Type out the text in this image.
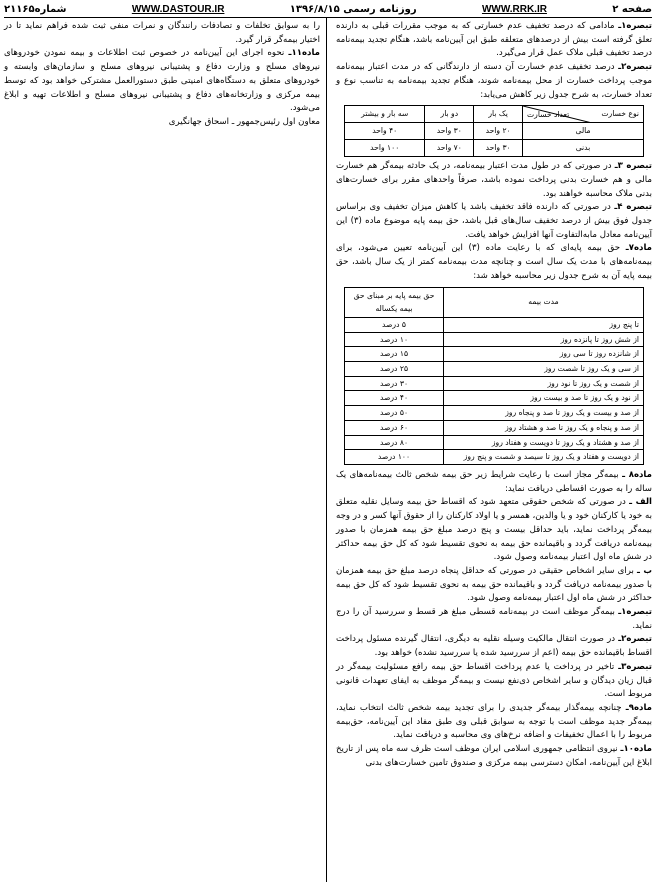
صفحه ۲
WWW.RRK.IR
روزنامه رسمی ۱۳۹۶/۸/۱۵
WWW.DASTOUR.IR
شماره۲۱۱۶۵

تبصره۱ـ مادامی که درصد تخفیف عدم خسارتی که به موجب مقررات قبلی به دارنده تعلق گرفته است بیش از درصدهای متعلقه طبق این آیین‌نامه باشد، هنگام تجدید بیمه‌نامه درصد تخفیف قبلی ملاک عمل قرار می‌گیرد.

تبصره۲ـ درصد تخفیف عدم خسارت آن دسته از دارندگانی که در مدت اعتبار بیمه‌نامه موجب پرداخت خسارت از محل بیمه‌نامه شوند، هنگام تجدید بیمه‌نامه به تناسب نوع و تعداد خسارت، به شرح جدول زیر کاهش می‌یابد:

تعداد خسارت نوع خسارت	یک بار	دو بار	سه بار و بیشتر
مالی	۲۰ واحد	۳۰ واحد	۴۰ واحد
بدنی	۳۰ واحد	۷۰ واحد	۱۰۰ واحد

تبصره ۳ـ در صورتی که در طول مدت اعتبار بیمه‌نامه، در یک حادثه بیمه‌گر هم خسارت مالی و هم خسارت بدنی پرداخت نموده باشد، صرفاً واحدهای مقرر برای خسارت‌های بدنی ملاک محاسبه خواهند بود.

تبصره ۴ـ در صورتی که دارنده فاقد تخفیف باشد یا کاهش میزان تخفیف وی براساس جدول فوق بیش از درصد تخفیف سال‌های قبل باشد، حق بیمه پایه موضوع ماده (۳) این آیین‌نامه معادل مابه‌التفاوت آنها افزایش خواهد یافت.

ماده۷ـ حق بیمه پایه‌ای که با رعایت ماده (۳) این آیین‌نامه تعیین می‌شود، برای بیمه‌نامه‌های با مدت یک سال است و چنانچه مدت بیمه‌نامه کمتر از یک سال باشد، حق بیمه پایه آن به شرح جدول زیر محاسبه خواهد شد:

مدت بیمه	حق بیمه پایه بر مبنای حق بیمه یکساله
تا پنج روز	۵ درصد
از شش روز تا پانزده روز	۱۰ درصد
از شانزده روز تا سی روز	۱۵ درصد
از سی و یک روز تا شصت روز	۲۵ درصد
از شصت و یک روز تا نود روز	۳۰ درصد
از نود و یک روز تا صد و بیست روز	۴۰ درصد
از صد و بیست و یک روز تا صد و پنجاه روز	۵۰ درصد
از صد و پنجاه و یک روز تا صد و هشتاد روز	۶۰ درصد
از صد و هشتاد و یک روز تا دویست و هفتاد روز	۸۰ درصد
از دویست و هفتاد و یک روز تا سیصد و شصت و پنج روز	۱۰۰ درصد

ماده۸ ـ بیمه‌گر مجاز است با رعایت شرایط زیر حق بیمه شخص ثالث بیمه‌نامه‌های یک ساله را به صورت اقساطی دریافت نماید:

الف ـ در صورتی که شخص حقوقی متعهد شود که اقساط حق بیمه وسایل نقلیه متعلق به خود یا کارکنان خود و یا والدین، همسر و یا اولاد کارکنان را از حقوق آنها کسر و در وجه بیمه‌گر پرداخت نماید، باید حداقل بیست و پنج درصد مبلغ حق بیمه همزمان با صدور بیمه‌نامه دریافت گردد و باقیمانده حق بیمه به نحوی تقسیط شود که کل حق بیمه حداکثر در شش ماه اول اعتبار بیمه‌نامه وصول شود.

ب ـ برای سایر اشخاص حقیقی در صورتی که حداقل پنجاه درصد مبلغ حق بیمه همزمان با صدور بیمه‌نامه دریافت گردد و باقیمانده حق بیمه به نحوی تقسیط شود که کل حق بیمه حداکثر در شش ماه اول اعتبار بیمه‌نامه وصول شود.

تبصره۱ـ بیمه‌گر موظف است در بیمه‌نامه قسطی مبلغ هر قسط و سررسید آن را درج نماید.

تبصره۲ـ در صورت انتقال مالکیت وسیله نقلیه به دیگری، انتقال گیرنده مسئول پرداخت اقساط باقیمانده حق بیمه (اعم از سررسید شده یا سررسید نشده) خواهد بود.

تبصره۳ـ تاخیر در پرداخت یا عدم پرداخت اقساط حق بیمه رافع مسئولیت بیمه‌گر در قبال زیان دیدگان و سایر اشخاص ذی‌نفع نیست و بیمه‌گر موظف به ایفای تعهدات قانونی مربوط است.

ماده۹ـ چنانچه بیمه‌گذار بیمه‌گر جدیدی را برای تجدید بیمه شخص ثالث انتخاب نماید، بیمه‌گر جدید موظف است با توجه به سوابق قبلی وی طبق مفاد این آیین‌نامه، حق‌بیمه مربوط را با اعمال تخفیفات و اضافه نرخ‌های وی محاسبه و دریافت نماید.

ماده۱۰ـ نیروی انتظامی جمهوری اسلامی ایران موظف است ظرف سه ماه پس از تاریخ ابلاغ این آیین‌نامه، امکان دسترسی بیمه مرکزی و صندوق تامین خسارت‌های بدنی

را به سوابق تخلفات و تصادفات رانندگان و نمرات منفی ثبت شده فراهم نماید تا در اختیار بیمه‌گر قرار گیرد.

ماده۱۱ـ نحوه اجرای این آیین‌نامه در خصوص ثبت اطلاعات و بیمه نمودن خودروهای نیروهای مسلح و وزارت دفاع و پشتیبانی نیروهای مسلح و سازمان‌های وابسته و خودروهای متعلق به دستگاه‌های امنیتی طبق دستورالعمل مشترکی خواهد بود که توسط بیمه مرکزی و وزارتخانه‌های دفاع و پشتیبانی نیروهای مسلح و اطلاعات تهیه و ابلاغ می‌شود.

معاون اول رئیس‌جمهور ـ اسحاق جهانگیری
